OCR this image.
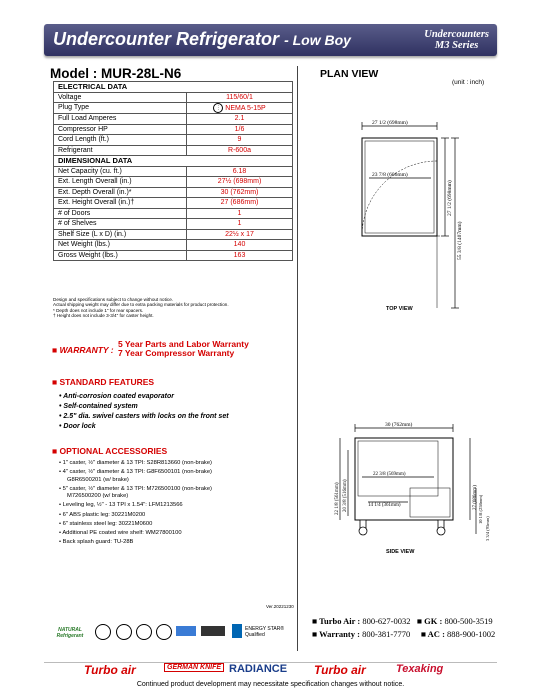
Undercounter Refrigerator - Low Boy	Undercounters
M3 Series
Model : MUR-28L-N6	PLAN VIEW
(unit : inch)
ELECTRICAL DATA	
Voltage	115/60/1
Plug Type	⋮ NEMA 5-15P
Full Load Amperes	2.1
Compressor HP	1/6
Cord Length (ft.)	9
Refrigerant	R-600a
DIMENSIONAL DATA	
Net Capacity (cu. ft.)	6.18
Ext. Length Overall (in.)	27½ (698mm)
Ext. Depth Overall (in.)*	30 (762mm)
Ext. Height Overall (in.)†	27 (686mm)
# of Doors	1
# of Shelves	1
Shelf Size (L x D) (in.)	22½ x 17
Net Weight (lbs.)	140
Gross Weight (lbs.)	163
Design and specifications subject to change without notice.
Actual shipping weight may differ due to extra packing materials for product protection.
* Depth does not include 1" for rear spacers.
† Height does not include 3-3/4" for caster height.
■ WARRANTY :
5 Year Parts and Labor Warranty
7 Year Compressor Warranty
■ STANDARD FEATURES
• Anti-corrosion coated evaporator
• Self-contained system
• 2.5" dia. swivel casters with locks on the front set
• Door lock
■ OPTIONAL ACCESSORIES
• 1" caster, ½" diameter & 13 TPI: S28R813660 (non-brake)
• 4" caster, ½" diameter & 13 TPI: G8F6500101 (non-brake)
G8R6500201 (w/ brake)
• 5" caster, ½" diameter & 13 TPI: M726500100 (non-brake)
M726500200 (w/ brake)
• Leveling leg, ½" - 13 TPI x 1.54": LFM1213566
• 6" ABS plastic leg: 30221M0200
• 6" stainless steel leg: 30221M0600
• Additional PE coated wire shelf: WM27800100
• Back splash guard: TU-28B
Ver.20221230
27 1/2 (698mm)
23 7/8 (606mm)
27 1/2 (698mm)
55 3/8 (1407mm)
TOP VIEW
30 (762mm)
22 3/8 (569mm)
14 1/4 (361mm)
22 1/8 (561mm) 20 3/8 (516mm)	27 (686mm) 10 1/8 (258mm)
3 3/4 (95mm)
SIDE VIEW
NATURAL Refrigerant
ENERGY STAR® Qualified
■ Turbo Air : 800-627-0032 ■ GK : 800-500-3519
■ Warranty : 800-381-7770 ■ AC : 888-900-1002
Turbo air	GERMAN KNIFE RADIANCE Turbo air	Texaking
Continued product development may necessitate specification changes without notice.
